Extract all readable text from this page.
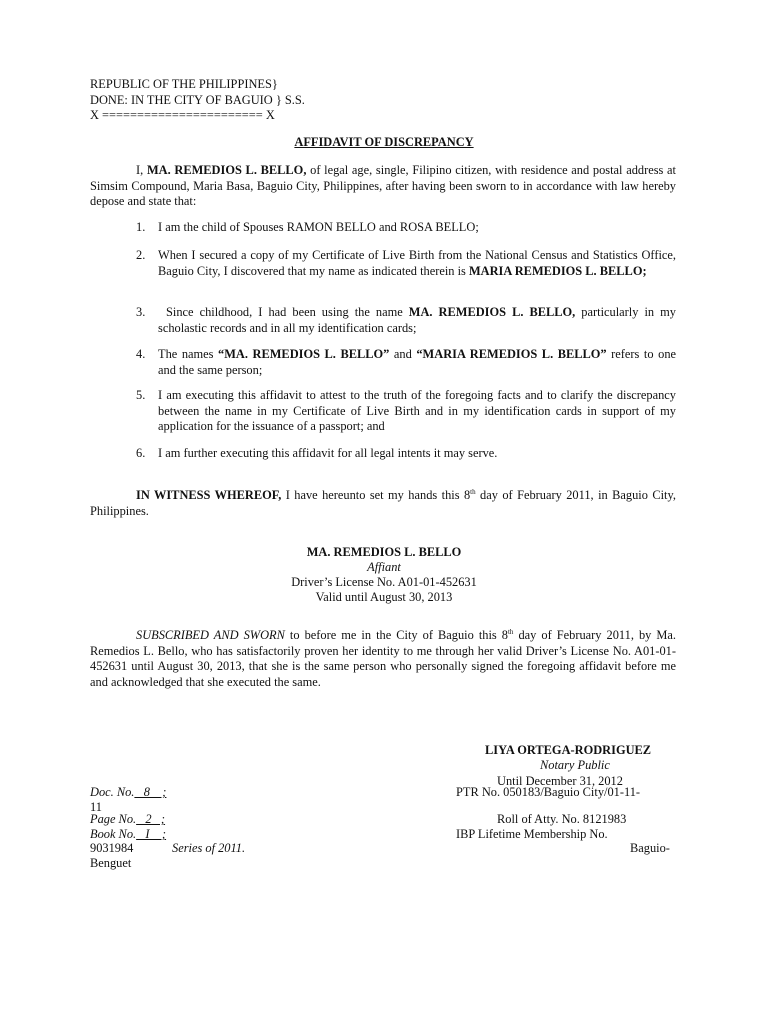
REPUBLIC OF THE PHILIPPINES}
DONE: IN THE CITY OF BAGUIO } S.S.
X ======================= X
AFFIDAVIT OF DISCREPANCY
I, MA. REMEDIOS L. BELLO, of legal age, single, Filipino citizen, with residence and postal address at Simsim Compound, Maria Basa, Baguio City, Philippines, after having been sworn to in accordance with law hereby depose and state that:
1. I am the child of Spouses RAMON BELLO and ROSA BELLO;
2. When I secured a copy of my Certificate of Live Birth from the National Census and Statistics Office, Baguio City, I discovered that my name as indicated therein is MARIA REMEDIOS L. BELLO;
3.	Since childhood, I had been using the name MA. REMEDIOS L. BELLO, particularly in my scholastic records and in all my identification cards;
4. The names “MA. REMEDIOS L. BELLO” and “MARIA REMEDIOS L. BELLO” refers to one and the same person;
5. I am executing this affidavit to attest to the truth of the foregoing facts and to clarify the discrepancy between the name in my Certificate of Live Birth and in my identification cards in support of my application for the issuance of a passport; and
6. I am further executing this affidavit for all legal intents it may serve.
IN WITNESS WHEREOF, I have hereunto set my hands this 8th day of February 2011, in Baguio City, Philippines.
MA. REMEDIOS L. BELLO
Affiant
Driver’s License No. A01-01-452631
Valid until August 30, 2013
SUBSCRIBED AND SWORN to before me in the City of Baguio this 8th day of February 2011, by Ma. Remedios L. Bello, who has satisfactorily proven her identity to me through her valid Driver’s License No. A01-01-452631 until August 30, 2013, that she is the same person who personally signed the foregoing affidavit before me and acknowledged that she executed the same.
LIYA ORTEGA-RODRIGUEZ
Notary Public
Until December 31, 2012
Doc. No.   8    ;	PTR No. 050183/Baguio City/01-11-
11
Page No.   2   ;	Roll of Atty. No. 8121983
Book No.   I    ;	IBP Lifetime Membership No.
9031984	Series of 2011.	Baguio-
Benguet
